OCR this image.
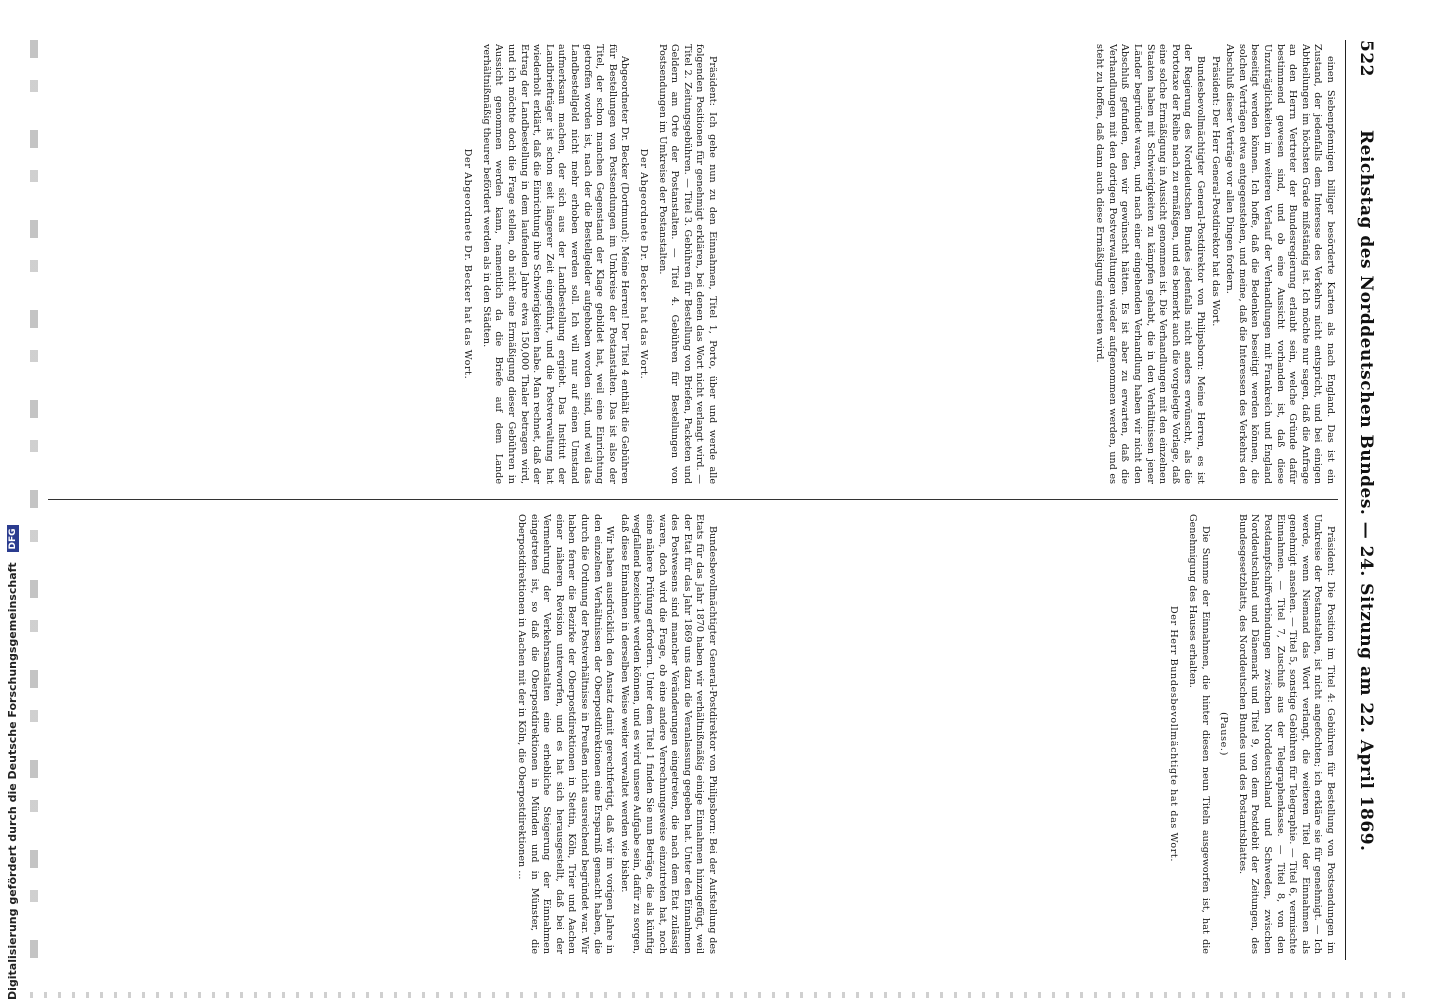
522
Reichstag des Norddeutschen Bundes. — 24. Sitzung am 22. April 1869.

einen Siebenpfennigen billiger besörderte Karten als nach England. Das ist ein Zustand, der jedenfalls dem Interesse des Verkehrs nicht entspricht, und bei einigen Abtheilungen im höchsten Grade mißständig ist. Ich möchte nur sagen, daß die Anfrage an den Herrn Vertreter der Bundesregierung erlaubt sein, welche Gründe dafür bestimmend gewesen sind, und ob eine Aussicht vorhanden ist, daß diese Unzuträglichkeiten im weiteren Verlauf der Verhandlungen mit Frankreich und England beseitigt werden können. Ich hoffe, daß die Bedenken beseitigt werden können, die solchen Verträgen etwa entgegenstehen, und meine, daß die Interessen des Verkehrs den Abschluß dieser Verträge vor allen Dingen fordern.

Präsident: Der Herr General-Postdirektor hat das Wort.

Bundesbevollmächtigter General-Postdirektor von Philipsborn: Meine Herren, es ist der Regierung des Norddeutschen Bundes jedenfalls nicht anders erwünscht, als die Portotaxe der Reihe nach zu ermäßigen, und es bemerkt auch die vorgelegte Vorlage, daß eine solche Ermäßigung in Aussicht genommen ist. Die Verhandlungen mit den einzelnen Staaten haben mit Schwierigkeiten zu kämpfen gehabt, die in den Verhältnissen jener Länder begründet waren, und nach einer eingehenden Verhandlung haben wir nicht den Abschluß gefunden, den wir gewünscht hätten. Es ist aber zu erwarten, daß die Verhandlungen mit den dortigen Postverwaltungen wieder aufgenommen werden, und es steht zu hoffen, daß dann auch diese Ermäßigung eintreten wird.

Präsident: Ich gehe nun zu den Einnahmen, Titel 1, Porto, über und werde alle folgenden Positionen für genehmigt erklären, bei denen das Wort nicht verlangt wird. — Titel 2. Zeitungsgebühren. — Titel 3. Gebühren für Bestellung von Briefen, Packeten und Geldern am Orte der Postanstalten. — Titel 4. Gebühren für Bestellungen von Postsendungen im Umkreise der Postanstalten.

Der Abgeordnete Dr. Becker hat das Wort.

Abgeordneter Dr. Becker (Dortmund): Meine Herren! Der Titel 4 enthält die Gebühren für Bestellungen von Postsendungen im Umkreise der Postanstalten. Das ist also der Titel, der schon manchen Gegenstand der Klage gebildet hat, weil eine Einrichtung getroffen worden ist, nach der die Bestellgelder aufgehoben worden sind, und weil das Landbestellgeld nicht mehr erhoben werden soll. Ich will nur auf einen Umstand aufmerksam machen, der sich aus der Landbestellung ergiebt. Das Institut der Landbriefträger ist schon seit längerer Zeit eingeführt, und die Postverwaltung hat wiederholt erklärt, daß die Einrichtung ihre Schwierigkeiten habe. Man rechnet, daß der Ertrag der Landbestellung in dem laufenden Jahre etwa 150,000 Thaler betragen wird, und ich möchte doch die Frage stellen, ob nicht eine Ermäßigung dieser Gebühren in Aussicht genommen werden kann, namentlich da die Briefe auf dem Lande verhältnißmäßig theurer befördert werden als in den Städten.

Der Abgeordnete Dr. Becker hat das Wort.

Präsident: Die Position im Titel 4: Gebühren für Bestellung von Postsendungen im Umkreise der Postanstalten, ist nicht angefochten; ich erkläre sie für genehmigt. — Ich werde, wenn Niemand das Wort verlangt, die weiteren Titel der Einnahmen als genehmigt ansehen. — Titel 5, sonstige Gebühren für Telegraphie. — Titel 6, vermischte Einnahmen. — Titel 7, Zuschuß aus der Telegraphenkasse. — Titel 8, von den Postdampfschiffverbindungen zwischen Norddeutschland und Schweden, zwischen Norddeutschland und Dänemark und Titel 9, von dem Postdebit der Zeitungen, des Bundesgesetzblatts, des Norddeutschen Bundes und des Postamtsblattes.

(Pause.)

Die Summe der Einnahmen, die hinter diesen neun Titeln ausgeworfen ist, hat die Genehmigung des Hauses erhalten.

Der Herr Bundesbevollmächtigte hat das Wort.

Bundesbevollmächtigter General-Postdirektor von Philipsborn: Bei der Aufstellung des Etats für das Jahr 1870 haben wir verhältnißmäßig einige Einnahmen hinzugefügt, weil der Etat für das Jahr 1869 uns dazu die Veranlassung gegeben hat. Unter den Einnahmen des Postwesens sind mancher Veränderungen eingetreten, die nach dem Etat zulässig waren, doch wird die Frage, ob eine andere Verrechnungsweise einzutreten hat, noch eine nähere Prüfung erfordern. Unter dem Titel 1 finden Sie nun Beträge, die als künftig wegfallend bezeichnet werden können, und es wird unsere Aufgabe sein, dafür zu sorgen, daß diese Einnahmen in derselben Weise weiter verwaltet werden wie bisher.

Wir haben ausdrücklich den Ansatz damit gerechtfertigt, daß wir im vorigen Jahre in den einzelnen Verhältnissen der Oberpostdirektionen eine Ersparniß gemacht haben, die durch die Ordnung der Postverhältnisse in Preußen nicht ausreichend begründet war. Wir haben ferner die Bezirke der Oberpostdirektionen in Stettin, Köln, Trier und Aachen einer näheren Revision unterworfen, und es hat sich herausgestellt, daß bei der Vermehrung der Verkehrsanstalten eine erhebliche Steigerung der Einnahmen eingetreten ist, so daß die Oberpostdirektionen in Münden und in Münster, die Oberpostdirektionen in Aachen mit der in Köln, die Oberpostdirektionen ...

Digitalisierung gefördert durch die Deutsche Forschungsgemeinschaft DFG
